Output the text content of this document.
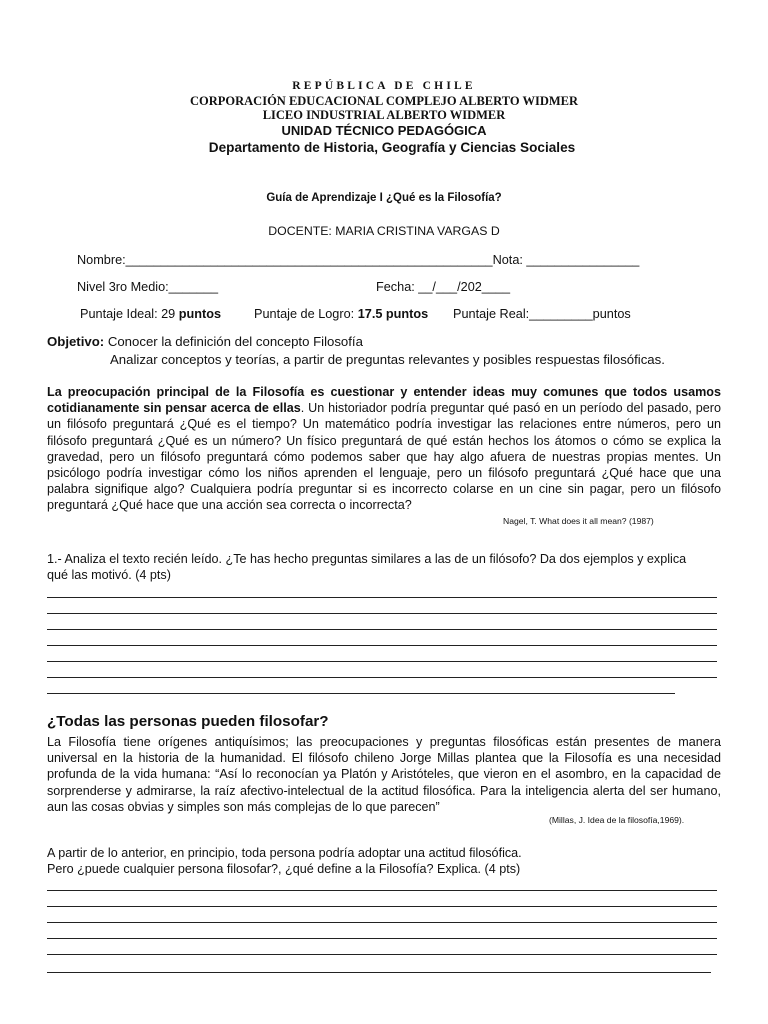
REPÚBLICA DE CHILE
CORPORACIÓN EDUCACIONAL COMPLEJO ALBERTO WIDMER
LICEO INDUSTRIAL ALBERTO WIDMER
UNIDAD TÉCNICO PEDAGÓGICA
Departamento de Historia, Geografía y Ciencias Sociales
Guía de Aprendizaje I ¿Qué es la Filosofía?
DOCENTE: MARIA CRISTINA VARGAS D
Nombre:____________________________________________________Nota: ________________
Nivel 3ro Medio:_______	Fecha: __/___/202____
Puntaje Ideal: 29 puntos	Puntaje de Logro: 17.5 puntos Puntaje Real:_________puntos
Objetivo: Conocer la definición del concepto Filosofía
Analizar conceptos y teorías, a partir de preguntas relevantes y posibles respuestas filosóficas.
La preocupación principal de la Filosofía es cuestionar y entender ideas muy comunes que todos usamos cotidianamente sin pensar acerca de ellas. Un historiador podría preguntar qué pasó en un período del pasado, pero un filósofo preguntará ¿Qué es el tiempo? Un matemático podría investigar las relaciones entre números, pero un filósofo preguntará ¿Qué es un número? Un físico preguntará de qué están hechos los átomos o cómo se explica la gravedad, pero un filósofo preguntará cómo podemos saber que hay algo afuera de nuestras propias mentes. Un psicólogo podría investigar cómo los niños aprenden el lenguaje, pero un filósofo preguntará ¿Qué hace que una palabra signifique algo? Cualquiera podría preguntar si es incorrecto colarse en un cine sin pagar, pero un filósofo preguntará ¿Qué hace que una acción sea correcta o incorrecta?
Nagel, T. What does it all mean? (1987)
1.- Analiza el texto recién leído. ¿Te has hecho preguntas similares a las de un filósofo? Da dos ejemplos y explica
qué las motivó. (4 pts)
¿Todas las personas pueden filosofar?
La Filosofía tiene orígenes antiquísimos; las preocupaciones y preguntas filosóficas están presentes de manera universal en la historia de la humanidad. El filósofo chileno Jorge Millas plantea que la Filosofía es una necesidad profunda de la vida humana: “Así lo reconocían ya Platón y Aristóteles, que vieron en el asombro, en la capacidad de sorprenderse y admirarse, la raíz afectivo-intelectual de la actitud filosófica. Para la inteligencia alerta del ser humano, aun las cosas obvias y simples son más complejas de lo que parecen”
(Millas, J. Idea de la filosofía,1969).
A partir de lo anterior, en principio, toda persona podría adoptar una actitud filosófica.
Pero ¿puede cualquier persona filosofar?, ¿qué define a la Filosofía? Explica. (4 pts)
